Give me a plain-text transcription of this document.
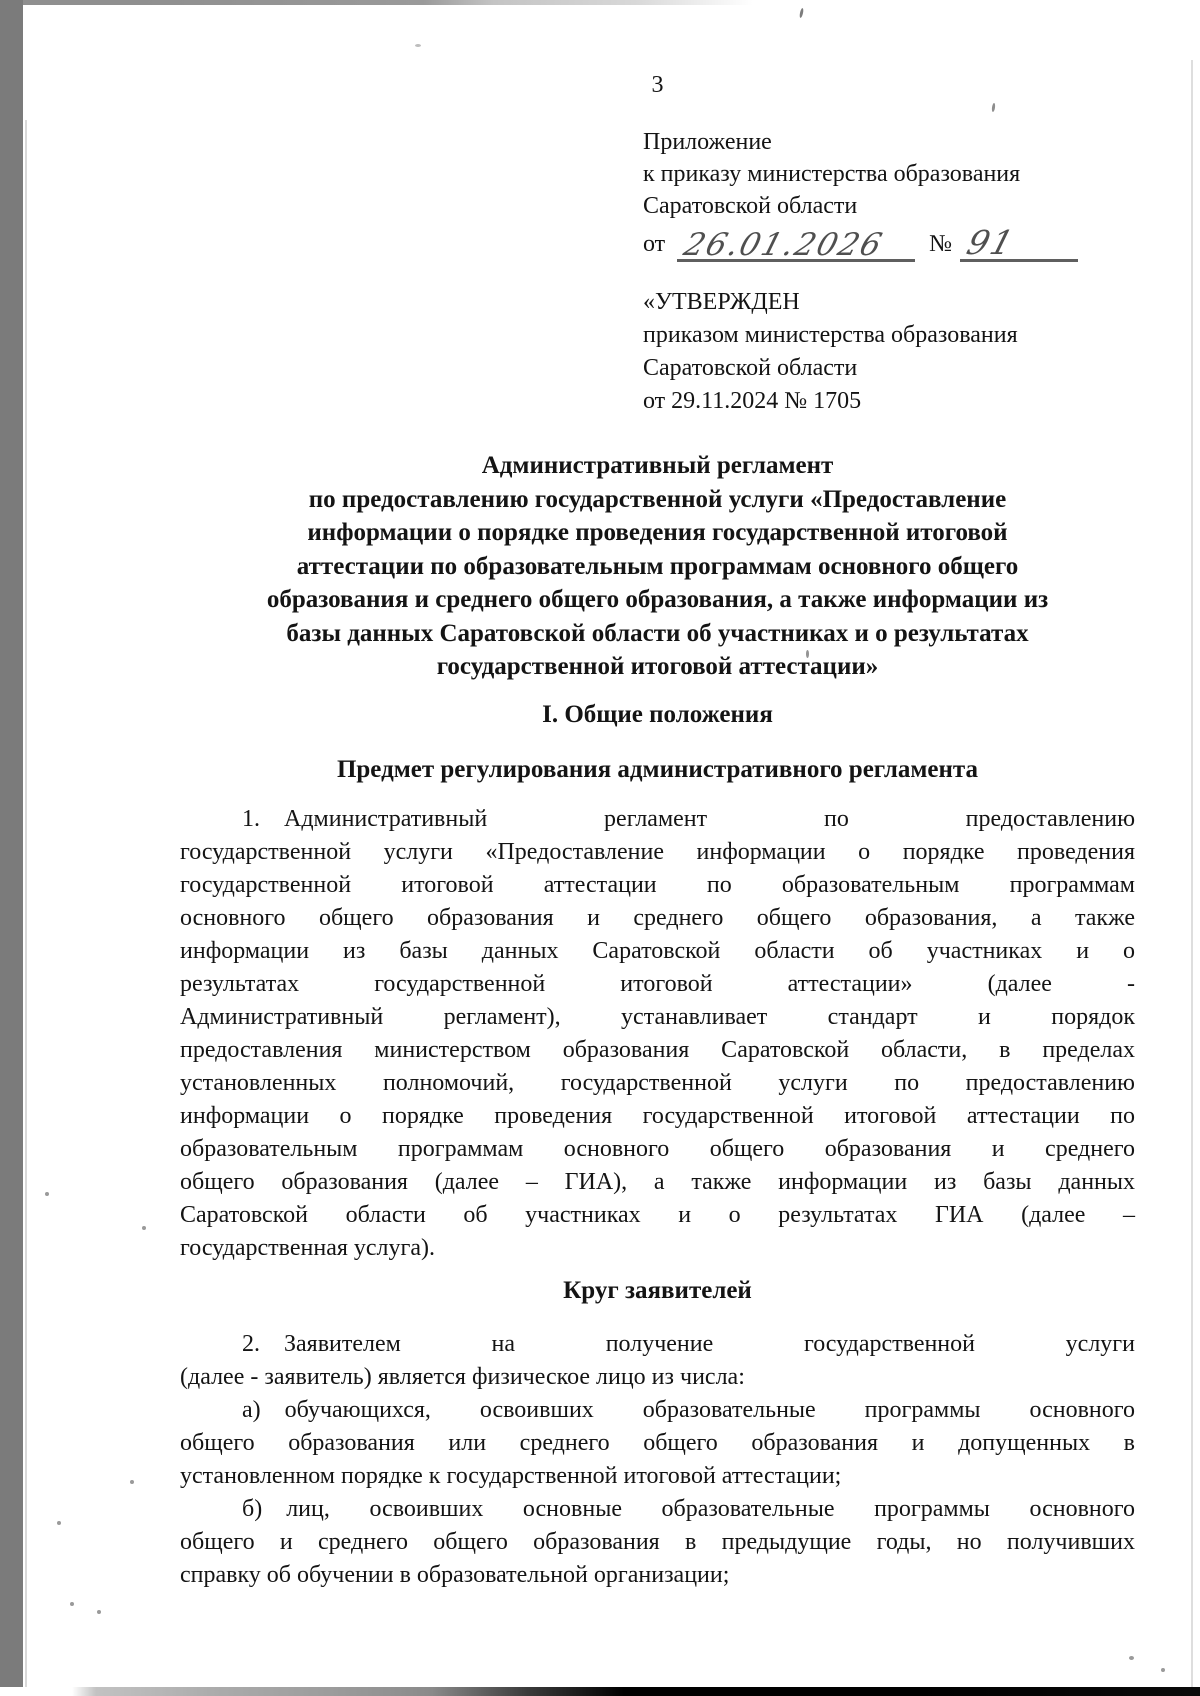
3
Приложение
к приказу министерства образования
Саратовской области
от 26.01.2026 № 91
«УТВЕРЖДЕН
приказом министерства образования
Саратовской области
от 29.11.2024 № 1705
Административный регламент
по предоставлению государственной услуги «Предоставление
информации о порядке проведения государственной итоговой
аттестации по образовательным программам основного общего
образования и среднего общего образования, а также информации из
базы данных Саратовской области об участниках и о результатах
государственной итоговой аттестации»
I. Общие положения
Предмет регулирования административного регламента
1. Административный регламент по предоставлению
государственной услуги «Предоставление информации о порядке проведения
государственной итоговой аттестации по образовательным программам
основного общего образования и среднего общего образования, а также
информации из базы данных Саратовской области об участниках и о
результатах государственной итоговой аттестации» (далее -
Административный регламент), устанавливает стандарт и порядок
предоставления министерством образования Саратовской области, в пределах
установленных полномочий, государственной услуги по предоставлению
информации о порядке проведения государственной итоговой аттестации по
образовательным программам основного общего образования и среднего
общего образования (далее – ГИА), а также информации из базы данных
Саратовской области об участниках и о результатах ГИА (далее –
государственная услуга).
Круг заявителей
2. Заявителем на получение государственной услуги
(далее - заявитель) является физическое лицо из числа:
а) обучающихся, освоивших образовательные программы основного
общего образования или среднего общего образования и допущенных в
установленном порядке к государственной итоговой аттестации;
б) лиц, освоивших основные образовательные программы основного
общего и среднего общего образования в предыдущие годы, но получивших
справку об обучении в образовательной организации;
